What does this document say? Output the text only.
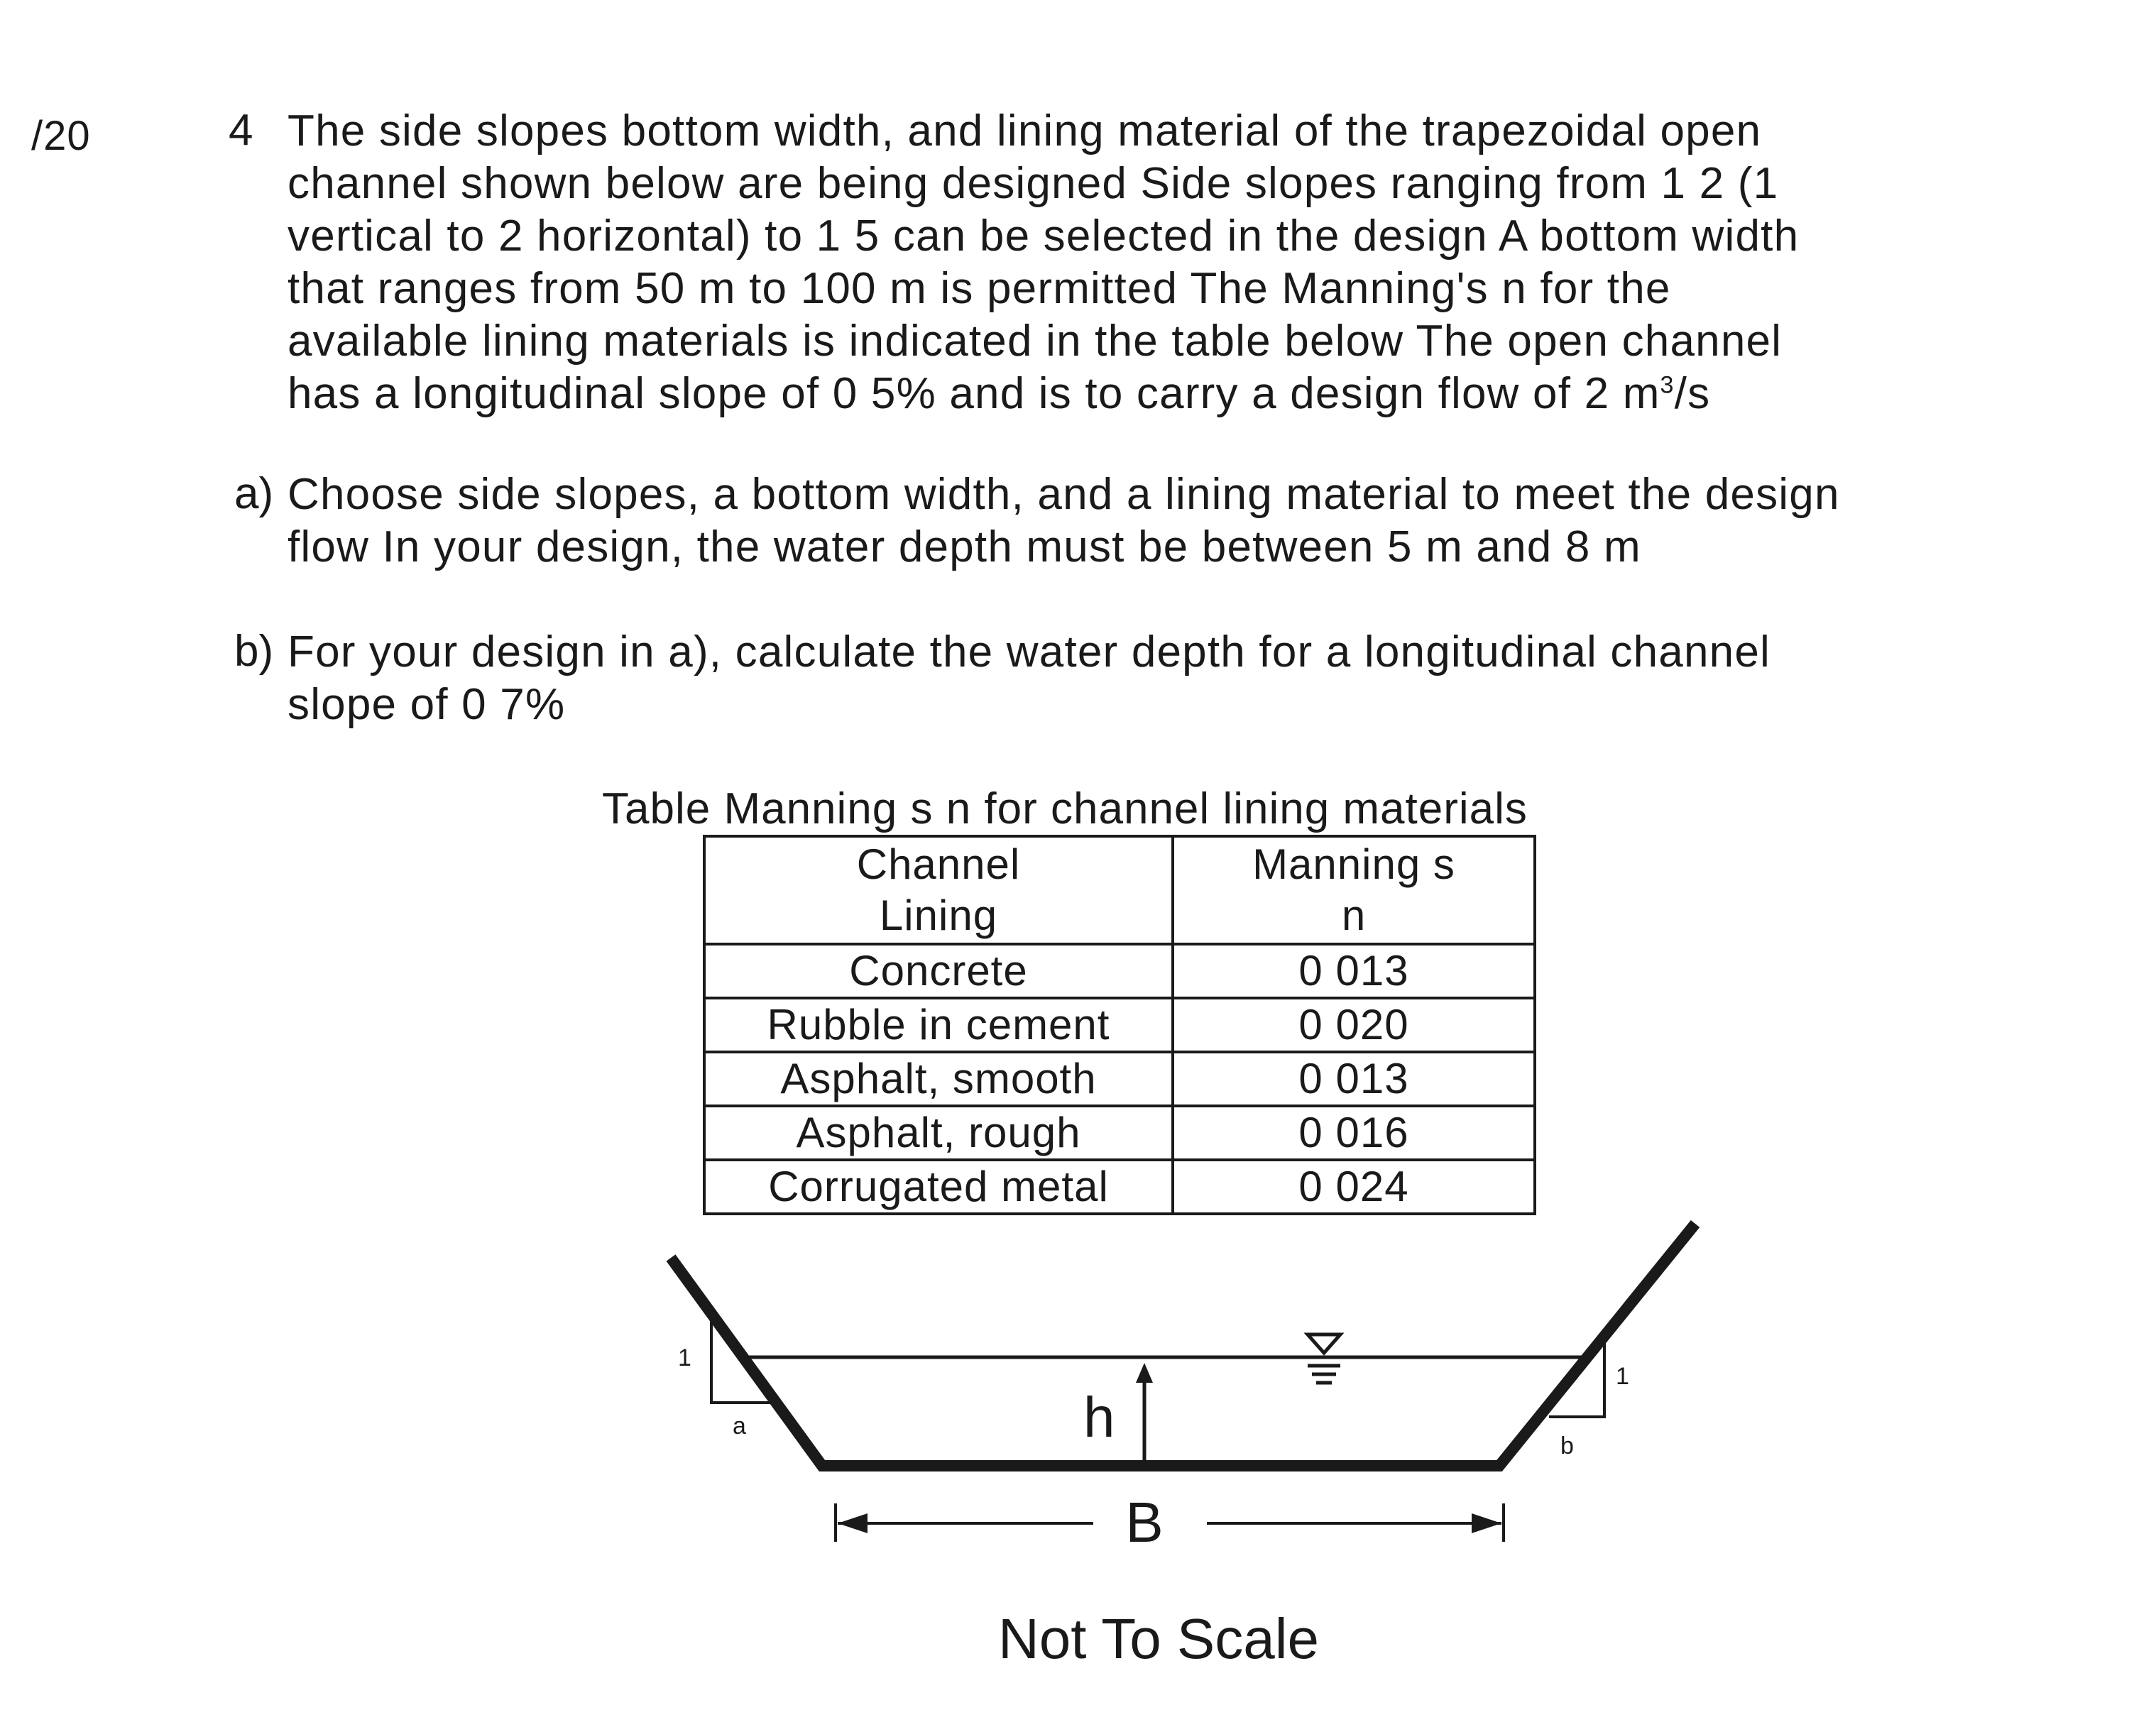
/20	4 The side slopes bottom width, and lining material of the trapezoidal open
channel shown below are being designed Side slopes ranging from 1 2 (1
vertical to 2 horizontal) to 1 5 can be selected in the design A bottom width
that ranges from 50 m to 100 m is permitted The Manning's n for the
available lining materials is indicated in the table below The open channel
has a longitudinal slope of 0 5% and is to carry a design flow of 2 $m^3/s$

a) Choose side slopes, a bottom width, and a lining material to meet the design
flow In your design, the water depth must be between 5 m and 8 m

b) For your design in a), calculate the water depth for a longitudinal channel
slope of 0 7%

Table Manning s n for channel lining materials
Channel
Lining	Manning s
n
Concrete	0 013
Rubble in cement	0 020
Asphalt, smooth	0 013
Asphalt, rough	0 016
Corrugated metal	0 024
1
a
1
b
h
B
Not To Scale
